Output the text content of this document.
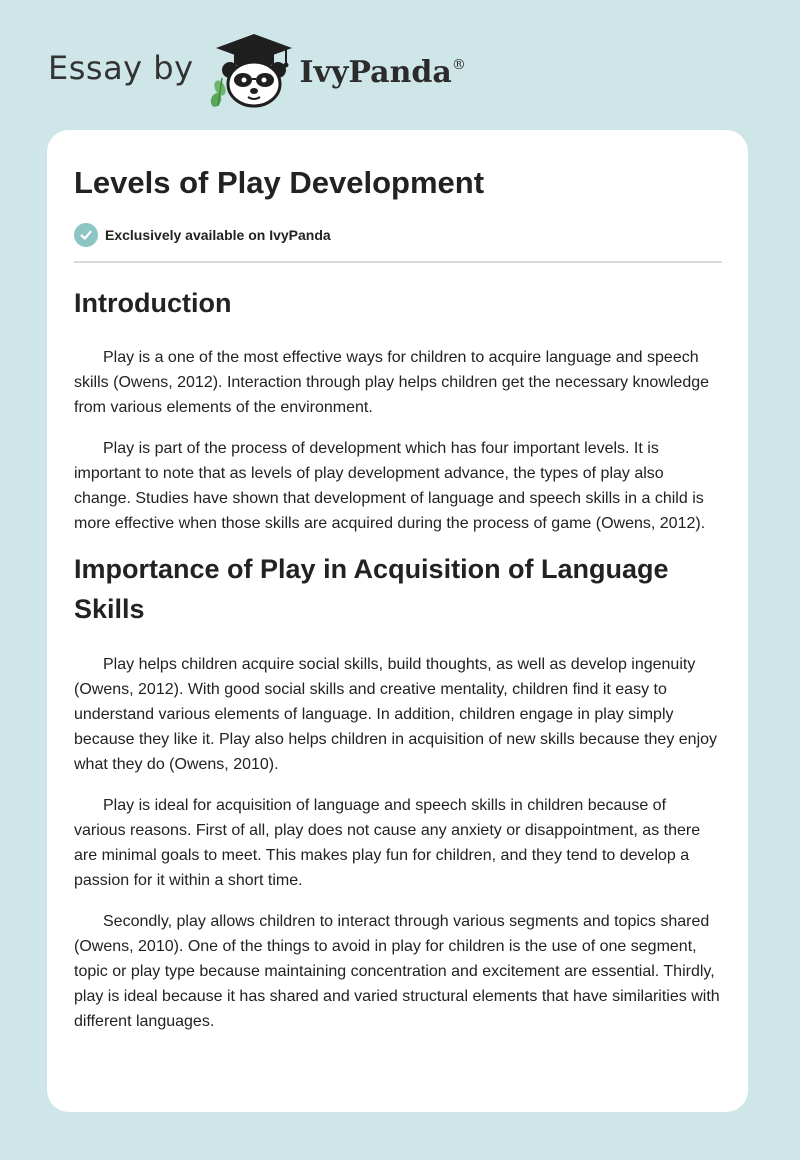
Essay by	IvyPanda®
Levels of Play Development
Exclusively available on IvyPanda
Introduction

Play is a one of the most effective ways for children to acquire language and speech skills (Owens, 2012). Interaction through play helps children get the necessary knowledge from various elements of the environment.

Play is part of the process of development which has four important levels. It is important to note that as levels of play development advance, the types of play also change. Studies have shown that development of language and speech skills in a child is more effective when those skills are acquired during the process of game (Owens, 2012).

Importance of Play in Acquisition of Language Skills

Play helps children acquire social skills, build thoughts, as well as develop ingenuity (Owens, 2012). With good social skills and creative mentality, children find it easy to understand various elements of language. In addition, children engage in play simply because they like it. Play also helps children in acquisition of new skills because they enjoy what they do (Owens, 2010).

Play is ideal for acquisition of language and speech skills in children because of various reasons. First of all, play does not cause any anxiety or disappointment, as there are minimal goals to meet. This makes play fun for children, and they tend to develop a passion for it within a short time.

Secondly, play allows children to interact through various segments and topics shared (Owens, 2010). One of the things to avoid in play for children is the use of one segment, topic or play type because maintaining concentration and excitement are essential. Thirdly, play is ideal because it has shared and varied structural elements that have similarities with different languages.
